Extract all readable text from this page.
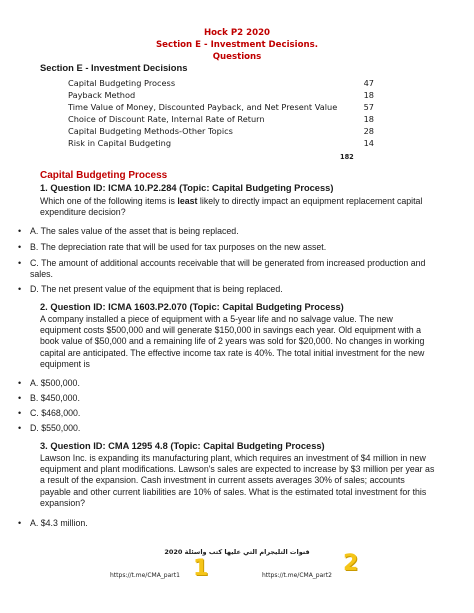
Hock P2 2020
Section E - Investment Decisions.
Questions
Section E - Investment Decisions
Capital Budgeting Process	47
Payback Method	18
Time Value of Money, Discounted Payback, and Net Present Value	57
Choice of Discount Rate, Internal Rate of Return	18
Capital Budgeting Methods-Other Topics	28
Risk in Capital Budgeting	14
182
Capital Budgeting Process
1. Question ID: ICMA 10.P2.284 (Topic: Capital Budgeting Process)
Which one of the following items is least likely to directly impact an equipment replacement capital expenditure decision?
• A. The sales value of the asset that is being replaced.
• B. The depreciation rate that will be used for tax purposes on the new asset.
• C. The amount of additional accounts receivable that will be generated from increased production and sales.
• D. The net present value of the equipment that is being replaced.
2. Question ID: ICMA 1603.P2.070 (Topic: Capital Budgeting Process)
A company installed a piece of equipment with a 5-year life and no salvage value. The new equipment costs $500,000 and will generate $150,000 in savings each year. Old equipment with a book value of $50,000 and a remaining life of 2 years was sold for $20,000. No changes in working capital are anticipated. The effective income tax rate is 40%. The total initial investment for the new equipment is
• A. $500,000.
• B. $450,000.
• C. $468,000.
• D. $550,000.
3. Question ID: CMA 1295 4.8 (Topic: Capital Budgeting Process)
Lawson Inc. is expanding its manufacturing plant, which requires an investment of $4 million in new equipment and plant modifications. Lawson's sales are expected to increase by $3 million per year as a result of the expansion. Cash investment in current assets averages 30% of sales; accounts payable and other current liabilities are 10% of sales. What is the estimated total investment for this expansion?
• A. $4.3 million.
2020 قنوات التليجرام التي عليها كتب واسئلة
1
https://t.me/CMA_part1	2
https://t.me/CMA_part2
